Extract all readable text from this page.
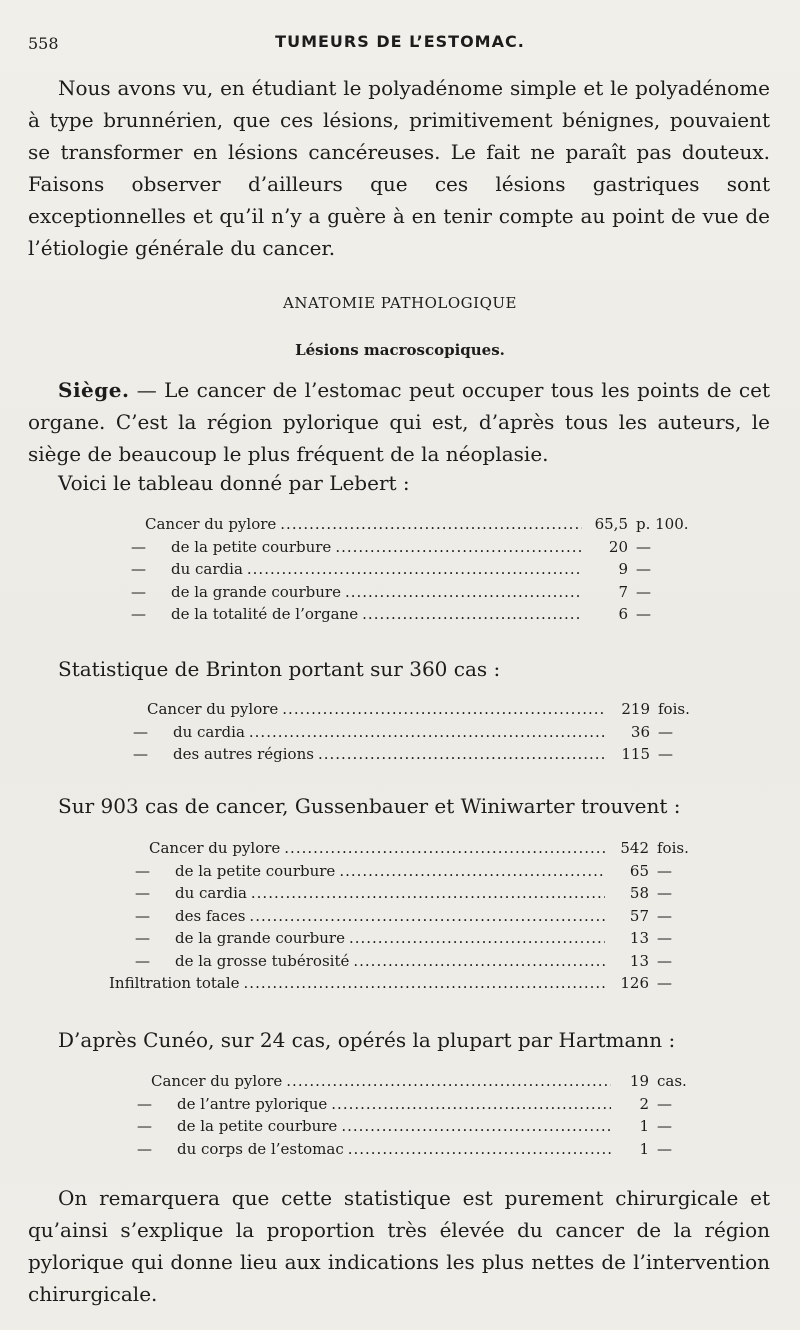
558	TUMEURS DE L’ESTOMAC.

Nous avons vu, en étudiant le polyadénome simple et le polyadénome à type brunnérien, que ces lésions, primitivement bénignes, pouvaient se transformer en lésions cancéreuses. Le fait ne paraît pas douteux. Faisons observer d’ailleurs que ces lésions gastriques sont exceptionnelles et qu’il n’y a guère à en tenir compte au point de vue de l’étiologie générale du cancer.

ANATOMIE PATHOLOGIQUE

Lésions macroscopiques.

Siège. — Le cancer de l’estomac peut occuper tous les points de cet organe. C’est la région pylorique qui est, d’après tous les auteurs, le siège de beaucoup le plus fréquent de la néoplasie.

Voici le tableau donné par Lebert :

Cancer du pylore .....	65,5 p. 100.
— de la petite courbure .....	20 —
— du cardia .....	9 —
— de la grande courbure .....	7 —
— de la totalité de l’organe .....	6 —

Statistique de Brinton portant sur 360 cas :

Cancer du pylore .....	219 fois.
— du cardia .....	36 —
— des autres régions .....	115 —

Sur 903 cas de cancer, Gussenbauer et Winiwarter trouvent :

Cancer du pylore .....	542 fois.
— de la petite courbure .....	65 —
— du cardia .....	58 —
— des faces .....	57 —
— de la grande courbure .....	13 —
— de la grosse tubérosité .....	13 —
Infiltration totale .....	126 —

D’après Cunéo, sur 24 cas, opérés la plupart par Hartmann :

Cancer du pylore .....	19 cas.
— de l’antre pylorique .....	2 —
— de la petite courbure .....	1 —
— du corps de l’estomac .....	1 —

On remarquera que cette statistique est purement chirurgicale et qu’ainsi s’explique la proportion très élevée du cancer de la région pylorique qui donne lieu aux indications les plus nettes de l’intervention chirurgicale.
